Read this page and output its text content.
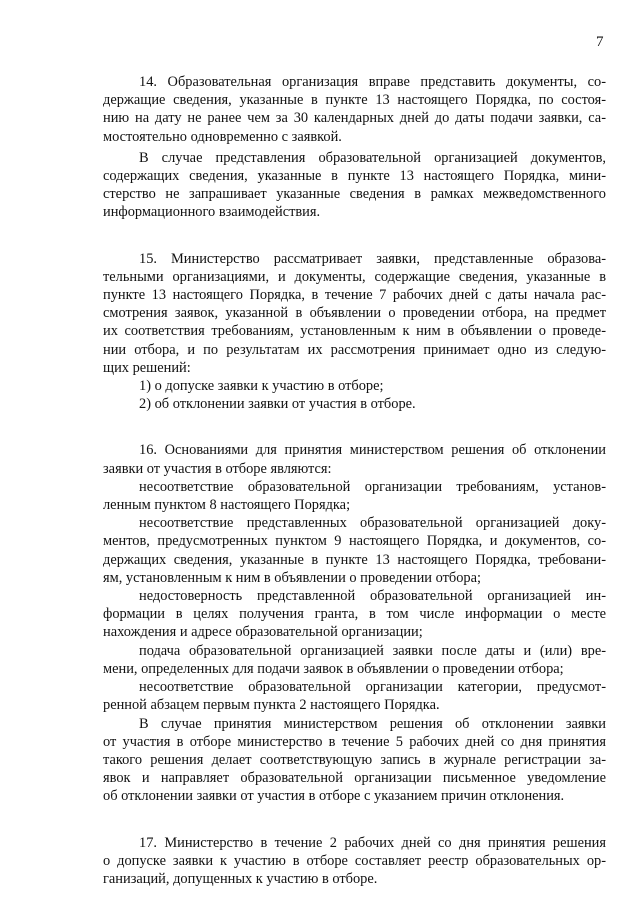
7
14. Образовательная организация вправе представить документы, со-
держащие сведения, указанные в пункте 13 настоящего Порядка, по состоя-
нию на дату не ранее чем за 30 календарных дней до даты подачи заявки, са-
мостоятельно одновременно с заявкой.
В случае представления образовательной организацией документов,
содержащих сведения, указанные в пункте 13 настоящего Порядка, мини-
стерство не запрашивает указанные сведения в рамках межведомственного
информационного взаимодействия.
15. Министерство рассматривает заявки, представленные образова-
тельными организациями, и документы, содержащие сведения, указанные в
пункте 13 настоящего Порядка, в течение 7 рабочих дней с даты начала рас-
смотрения заявок, указанной в объявлении о проведении отбора, на предмет
их соответствия требованиям, установленным к ним в объявлении о проведе-
нии отбора, и по результатам их рассмотрения принимает одно из следую-
щих решений:
1) о допуске заявки к участию в отборе;
2) об отклонении заявки от участия в отборе.
16. Основаниями для принятия министерством решения об отклонении
заявки от участия в отборе являются:
несоответствие образовательной организации требованиям, установ-
ленным пунктом 8 настоящего Порядка;
несоответствие представленных образовательной организацией доку-
ментов, предусмотренных пунктом 9 настоящего Порядка, и документов, со-
держащих сведения, указанные в пункте 13 настоящего Порядка, требовани-
ям, установленным к ним в объявлении о проведении отбора;
недостоверность представленной образовательной организацией ин-
формации в целях получения гранта, в том числе информации о месте
нахождения и адресе образовательной организации;
подача образовательной организацией заявки после даты и (или) вре-
мени, определенных для подачи заявок в объявлении о проведении отбора;
несоответствие образовательной организации категории, предусмот-
ренной абзацем первым пункта 2 настоящего Порядка.
В случае принятия министерством решения об отклонении заявки
от участия в отборе министерство в течение 5 рабочих дней со дня принятия
такого решения делает соответствующую запись в журнале регистрации за-
явок и направляет образовательной организации письменное уведомление
об отклонении заявки от участия в отборе с указанием причин отклонения.
17. Министерство в течение 2 рабочих дней со дня принятия решения
о допуске заявки к участию в отборе составляет реестр образовательных ор-
ганизаций, допущенных к участию в отборе.
